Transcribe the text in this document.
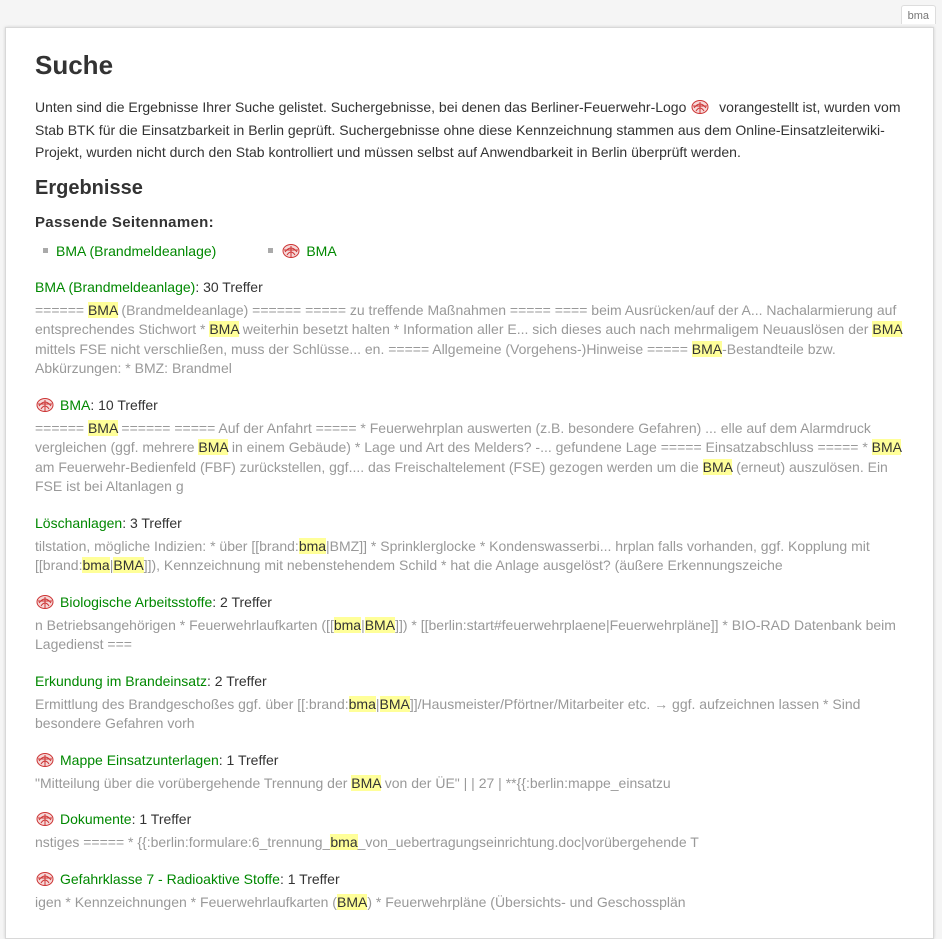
bma
Suche

Unten sind die Ergebnisse Ihrer Suche gelistet. Suchergebnisse, bei denen das Berliner-Feuerwehr-Logo vorangestellt ist, wurden vom Stab BTK für die Einsatzbarkeit in Berlin geprüft. Suchergebnisse ohne diese Kennzeichnung stammen aus dem Online-Einsatzleiterwiki-Projekt, wurden nicht durch den Stab kontrolliert und müssen selbst auf Anwendbarkeit in Berlin überprüft werden.

Ergebnisse
Passende Seitennamen:
BMA (Brandmeldeanlage)	BMA
BMA (Brandmeldeanlage): 30 Treffer
====== BMA (Brandmeldeanlage) ====== ===== zu treffende Maßnahmen ===== ==== beim Ausrücken/auf der A... Nachalarmierung auf entsprechendes Stichwort * BMA weiterhin besetzt halten * Information aller E... sich dieses auch nach mehrmaligem Neuauslösen der BMA mittels FSE nicht verschließen, muss der Schlüsse... en. ===== Allgemeine (Vorgehens-)Hinweise ===== BMA-Bestandteile bzw. Abkürzungen: * BMZ: Brandmel
BMA: 10 Treffer
====== BMA ====== ===== Auf der Anfahrt ===== * Feuerwehrplan auswerten (z.B. besondere Gefahren) ... elle auf dem Alarmdruck vergleichen (ggf. mehrere BMA in einem Gebäude) * Lage und Art des Melders? -... gefundene Lage ===== Einsatzabschluss ===== * BMA am Feuerwehr-Bedienfeld (FBF) zurückstellen, ggf.... das Freischaltelement (FSE) gezogen werden um die BMA (erneut) auszulösen. Ein FSE ist bei Altanlagen g
Löschanlagen: 3 Treffer
tilstation, mögliche Indizien: * über [[brand:bma|BMZ]] * Sprinklerglocke * Kondenswasserbi... hrplan falls vorhanden, ggf. Kopplung mit [[brand:bma|BMA]]), Kennzeichnung mit nebenstehendem Schild * hat die Anlage ausgelöst? (äußere Erkennungszeiche
Biologische Arbeitsstoffe: 2 Treffer
n Betriebsangehörigen * Feuerwehrlaufkarten ([[bma|BMA]]) * [[berlin:start#feuerwehrplaene|Feuerwehrpläne]] * BIO-RAD Datenbank beim Lagedienst ===
Erkundung im Brandeinsatz: 2 Treffer
Ermittlung des Brandgeschoßes ggf. über [[:brand:bma|BMA]]/Hausmeister/Pförtner/Mitarbeiter etc. → ggf. aufzeichnen lassen * Sind besondere Gefahren vorh
Mappe Einsatzunterlagen: 1 Treffer
"Mitteilung über die vorübergehende Trennung der BMA von der ÜE" | | 27 | **{{:berlin:mappe_einsatzu
Dokumente: 1 Treffer
nstiges ===== * {{:berlin:formulare:6_trennung_bma_von_uebertragungseinrichtung.doc|vorübergehende T
Gefahrklasse 7 - Radioaktive Stoffe: 1 Treffer
igen * Kennzeichnungen * Feuerwehrlaufkarten (BMA) * Feuerwehrpläne (Übersichts- und Geschossplän
